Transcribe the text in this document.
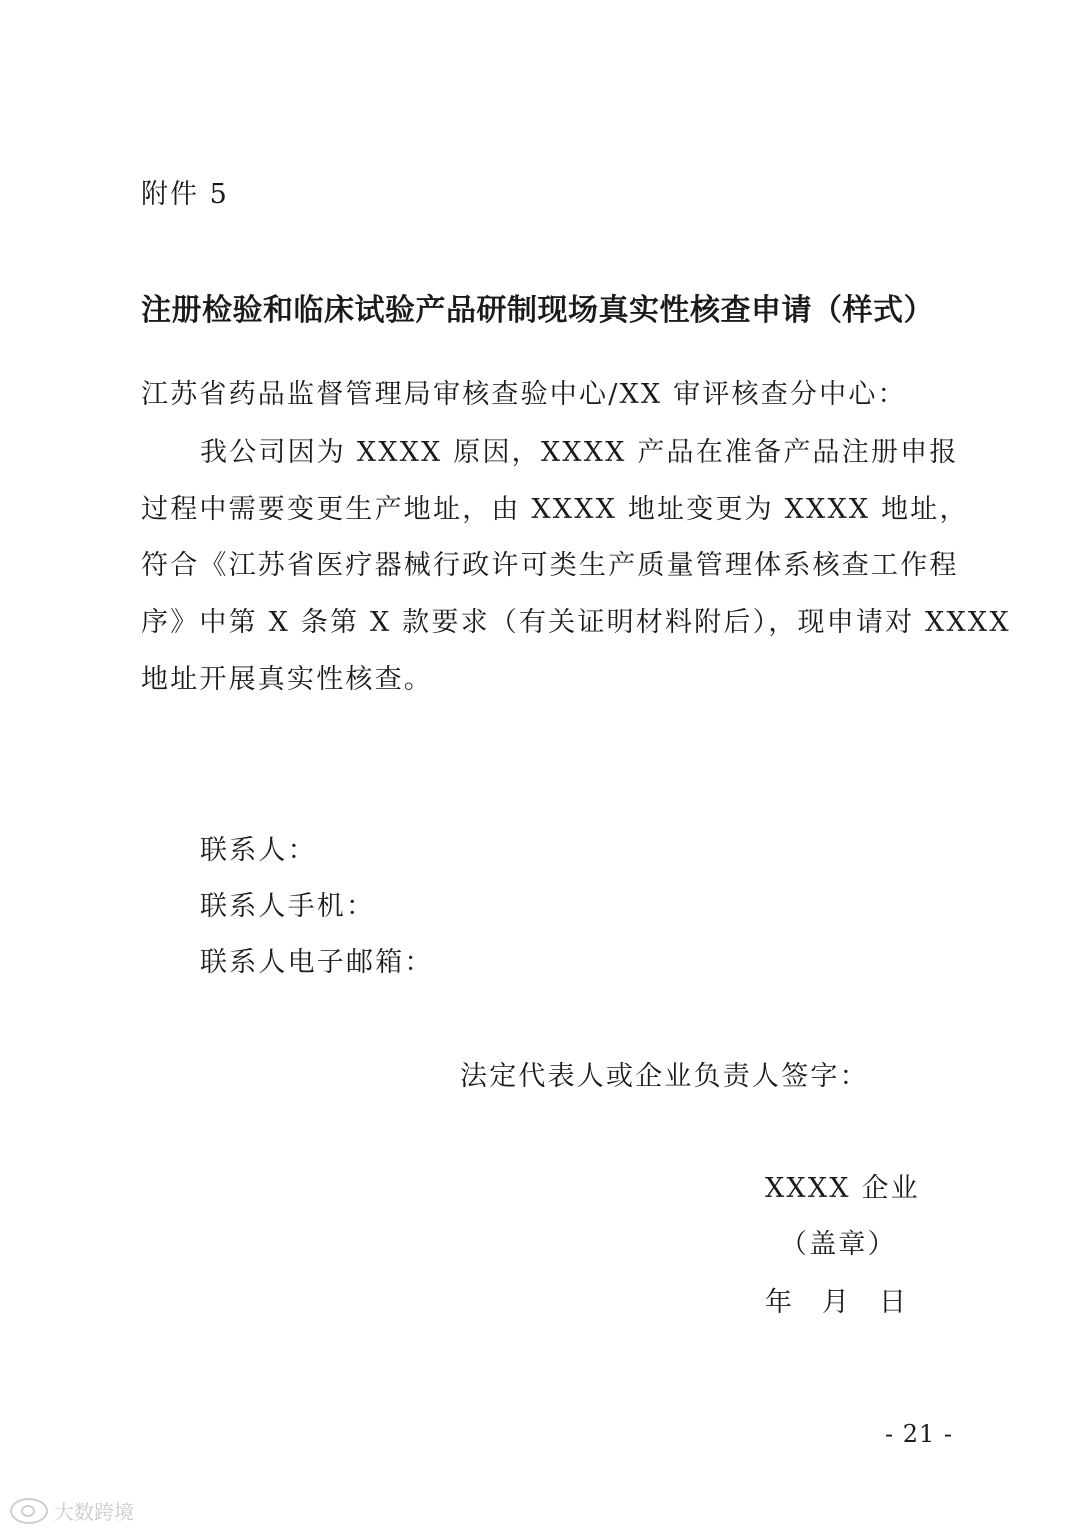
附件 5
注册检验和临床试验产品研制现场真实性核查申请（样式）
江苏省药品监督管理局审核查验中心/XX 审评核查分中心：
我公司因为 XXXX 原因，XXXX 产品在准备产品注册申报
过程中需要变更生产地址，由 XXXX 地址变更为 XXXX 地址，
符合《江苏省医疗器械行政许可类生产质量管理体系核查工作程
序》中第 X 条第 X 款要求（有关证明材料附后），现申请对 XXXX
地址开展真实性核查。
联系人：
联系人手机：
联系人电子邮箱：
法定代表人或企业负责人签字：
XXXX 企业
（盖章）
年 月 日
- 21 -
大数跨境
